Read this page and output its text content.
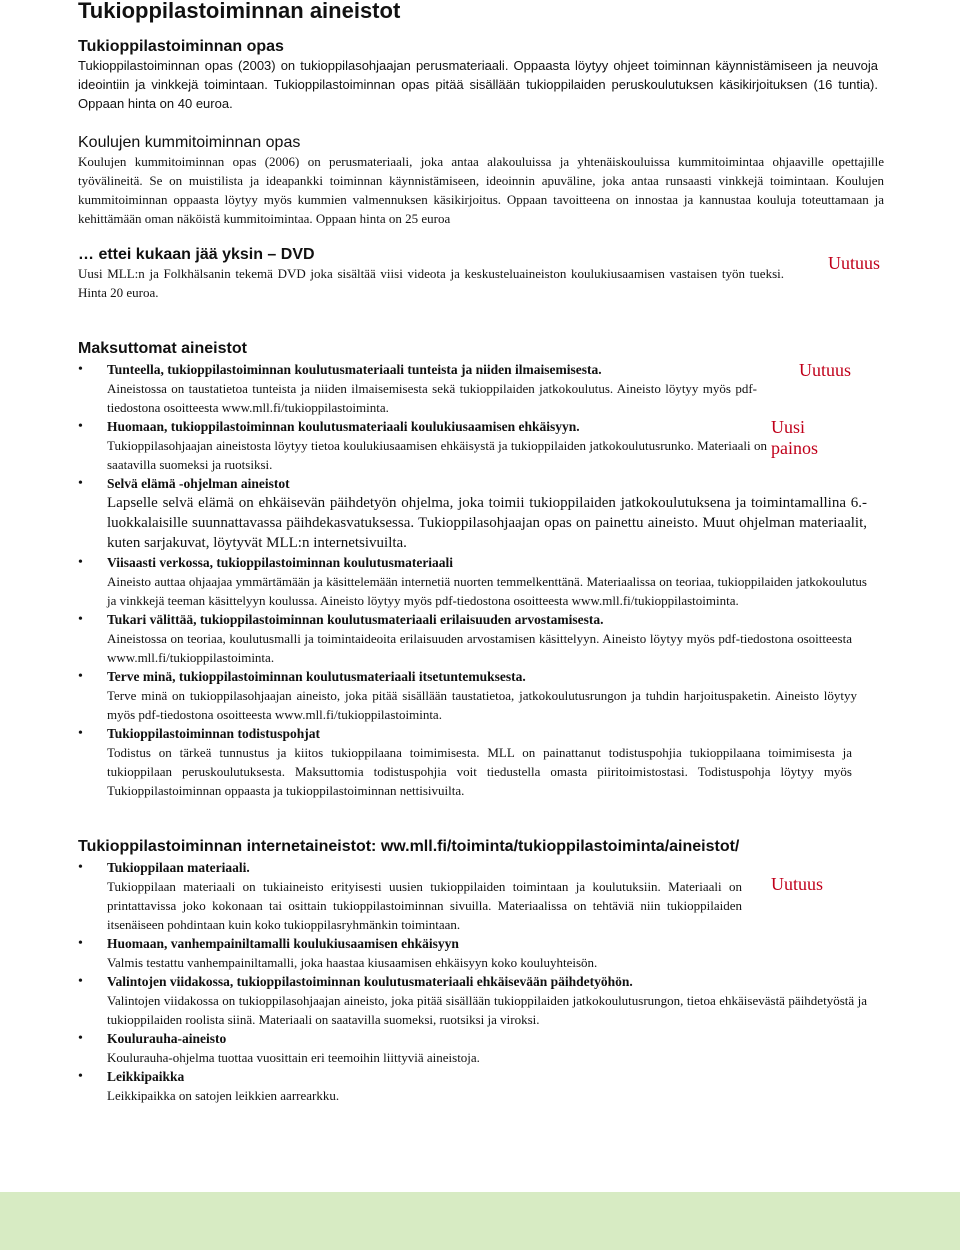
Tukioppilastoiminnan aineistot
Tukioppilastoiminnan opas

Tukioppilastoiminnan opas (2003) on tukioppilasohjaajan perusmateriaali. Oppaasta löytyy ohjeet toiminnan käynnistämiseen ja neuvoja ideointiin ja vinkkejä toimintaan. Tukioppilastoiminnan opas pitää sisällään tukioppilaiden peruskoulutuksen käsikirjoituksen (16 tuntia). Oppaan hinta on 40 euroa.

Koulujen kummitoiminnan opas

Koulujen kummitoiminnan opas (2006) on perusmateriaali, joka antaa alakouluissa ja yhtenäiskouluissa kummitoimintaa ohjaaville opettajille työvälineitä. Se on muistilista ja ideapankki toiminnan käynnistämiseen, ideoinnin apuväline, joka antaa runsaasti vinkkejä toimintaan. Koulujen kummitoiminnan oppaasta löytyy myös kummien valmennuksen käsikirjoitus. Oppaan tavoitteena on innostaa ja kannustaa kouluja toteuttamaan ja kehittämään oman näköistä kummitoimintaa. Oppaan hinta on 25 euroa

… ettei kukaan jää yksin – DVD

Uusi MLL:n ja Folkhälsanin tekemä DVD joka sisältää viisi videota ja keskusteluaineiston koulukiusaamisen vastaisen työn tueksi. Hinta 20 euroa.

Uutuus
Maksuttomat aineistot
• Tunteella, tukioppilastoiminnan koulutusmateriaali tunteista ja niiden ilmaisemisesta.
Aineistossa on taustatietoa tunteista ja niiden ilmaisemisesta sekä tukioppilaiden jatkokoulutus. Aineisto löytyy myös pdf-tiedostona osoitteesta www.mll.fi/tukioppilastoiminta.
Uutuus
• Huomaan, tukioppilastoiminnan koulutusmateriaali koulukiusaamisen ehkäisyyn.
Tukioppilasohjaajan aineistosta löytyy tietoa koulukiusaamisen ehkäisystä ja tukioppilaiden jatkokoulutusrunko. Materiaali on saatavilla suomeksi ja ruotsiksi.
Uusi painos
• Selvä elämä -ohjelman aineistot
Lapselle selvä elämä on ehkäisevän päihdetyön ohjelma, joka toimii tukioppilaiden jatkokoulutuksena ja toimintamallina 6.-luokkalaisille suunnattavassa päihdekasvatuksessa. Tukioppilasohjaajan opas on painettu aineisto. Muut ohjelman materiaalit, kuten sarjakuvat, löytyvät MLL:n internetsivuilta.
• Viisaasti verkossa, tukioppilastoiminnan koulutusmateriaali
Aineisto auttaa ohjaajaa ymmärtämään ja käsittelemään internetiä nuorten temmelkenttänä. Materiaalissa on teoriaa, tukioppilaiden jatkokoulutus ja vinkkejä teeman käsittelyyn koulussa. Aineisto löytyy myös pdf-tiedostona osoitteesta www.mll.fi/tukioppilastoiminta.
• Tukari välittää, tukioppilastoiminnan koulutusmateriaali erilaisuuden arvostamisesta.
Aineistossa on teoriaa, koulutusmalli ja toimintaideoita erilaisuuden arvostamisen käsittelyyn. Aineisto löytyy myös pdf-tiedostona osoitteesta www.mll.fi/tukioppilastoiminta.
• Terve minä, tukioppilastoiminnan koulutusmateriaali itsetuntemuksesta.
Terve minä on tukioppilasohjaajan aineisto, joka pitää sisällään taustatietoa, jatkokoulutusrungon ja tuhdin harjoituspaketin. Aineisto löytyy myös pdf-tiedostona osoitteesta www.mll.fi/tukioppilastoiminta.
• Tukioppilastoiminnan todistuspohjat
Todistus on tärkeä tunnustus ja kiitos tukioppilaana toimimisesta. MLL on painattanut todistuspohjia tukioppilaana toimimisesta ja tukioppilaan peruskoulutuksesta. Maksuttomia todistuspohjia voit tiedustella omasta piiritoimistostasi. Todistuspohja löytyy myös Tukioppilastoiminnan oppaasta ja tukioppilastoiminnan nettisivuilta.
Tukioppilastoiminnan internetaineistot: ww.mll.fi/toiminta/tukioppilastoiminta/aineistot/
• Tukioppilaan materiaali.
Tukioppilaan materiaali on tukiaineisto erityisesti uusien tukioppilaiden toimintaan ja koulutuksiin. Materiaali on printattavissa joko kokonaan tai osittain tukioppilastoiminnan sivuilla. Materiaalissa on tehtäviä niin tukioppilaiden itsenäiseen pohdintaan kuin koko tukioppilasryhmänkin toimintaan.
Uutuus
• Huomaan, vanhempainiltamalli koulukiusaamisen ehkäisyyn
Valmis testattu vanhempainiltamalli, joka haastaa kiusaamisen ehkäisyyn koko kouluyhteisön.
• Valintojen viidakossa, tukioppilastoiminnan koulutusmateriaali ehkäisevään päihdetyöhön.
Valintojen viidakossa on tukioppilasohjaajan aineisto, joka pitää sisällään tukioppilaiden jatkokoulutusrungon, tietoa ehkäisevästä päihdetyöstä ja tukioppilaiden roolista siinä. Materiaali on saatavilla suomeksi, ruotsiksi ja viroksi.
• Koulurauha-aineisto
Koulurauha-ohjelma tuottaa vuosittain eri teemoihin liittyviä aineistoja.
• Leikkipaikka
Leikkipaikka on satojen leikkien aarrearkku.
